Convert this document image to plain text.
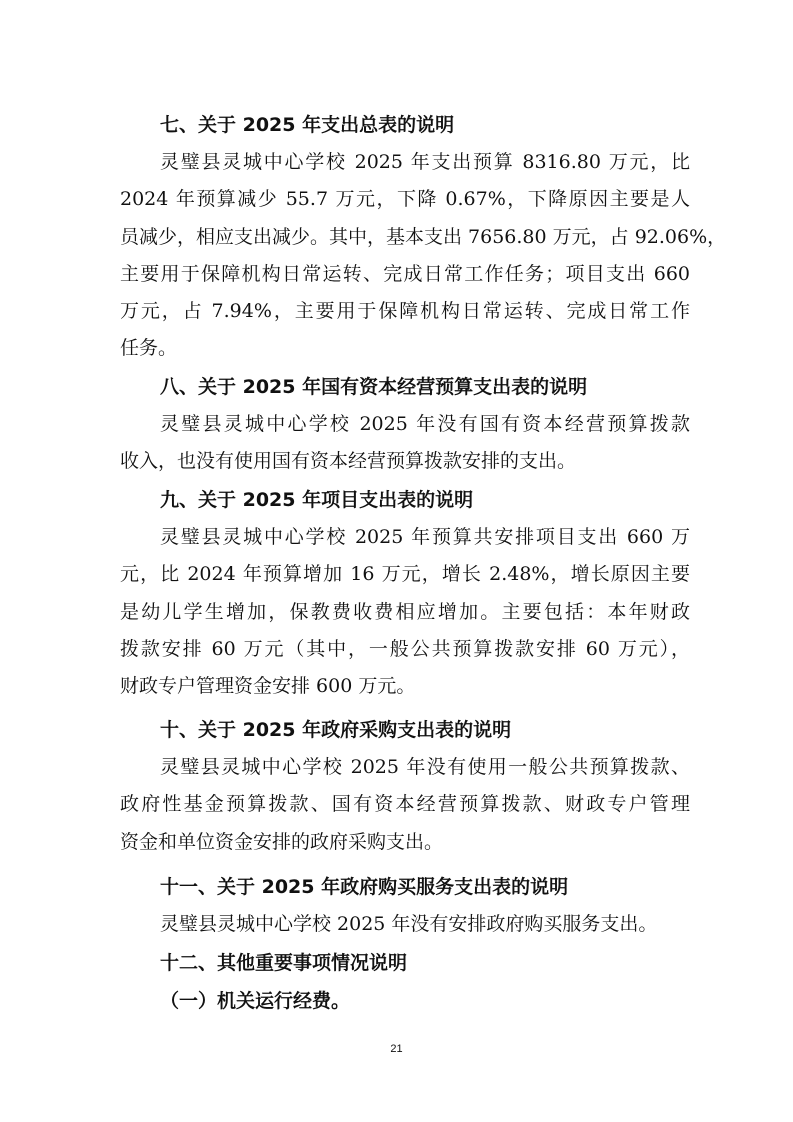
七、关于 2025 年支出总表的说明
灵璧县灵城中心学校 2025 年支出预算 8316.80 万元，比
2024 年预算减少 55.7 万元，下降 0.67%，下降原因主要是人
员减少，相应支出减少。其中，基本支出 7656.80 万元，占 92.06%，
主要用于保障机构日常运转、完成日常工作任务；项目支出 660
万元，占 7.94%，主要用于保障机构日常运转、完成日常工作
任务。
八、关于 2025 年国有资本经营预算支出表的说明
灵璧县灵城中心学校 2025 年没有国有资本经营预算拨款
收入，也没有使用国有资本经营预算拨款安排的支出。
九、关于 2025 年项目支出表的说明
灵璧县灵城中心学校 2025 年预算共安排项目支出 660 万
元，比 2024 年预算增加 16 万元，增长 2.48%，增长原因主要
是幼儿学生增加，保教费收费相应增加。主要包括：本年财政
拨款安排 60 万元（其中，一般公共预算拨款安排 60 万元），
财政专户管理资金安排 600 万元。
十、关于 2025 年政府采购支出表的说明
灵璧县灵城中心学校 2025 年没有使用一般公共预算拨款、
政府性基金预算拨款、国有资本经营预算拨款、财政专户管理
资金和单位资金安排的政府采购支出。
十一、关于 2025 年政府购买服务支出表的说明
灵璧县灵城中心学校 2025 年没有安排政府购买服务支出。
十二、其他重要事项情况说明
（一）机关运行经费。
21
